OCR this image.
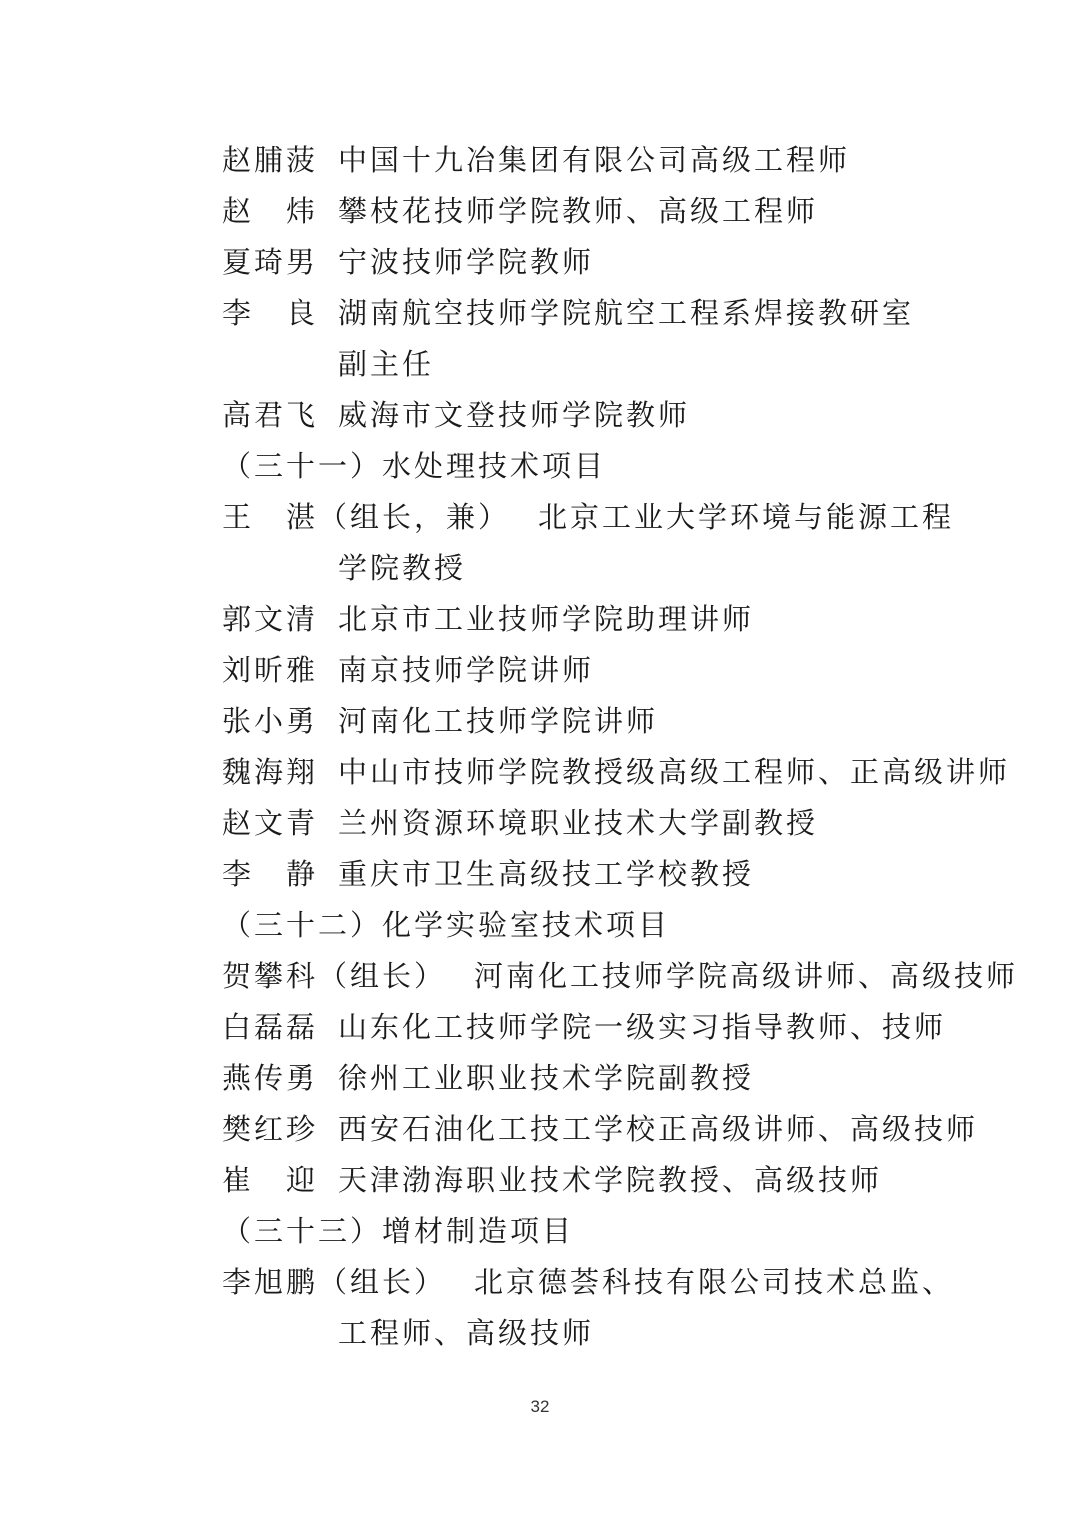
赵脯菠 中国十九冶集团有限公司高级工程师
赵　炜 攀枝花技师学院教师、高级工程师
夏琦男 宁波技师学院教师
李　良 湖南航空技师学院航空工程系焊接教研室
副主任
高君飞 威海市文登技师学院教师
（三十一）水处理技术项目
王　湛（组长，兼） 北京工业大学环境与能源工程
学院教授
郭文清 北京市工业技师学院助理讲师
刘昕雅 南京技师学院讲师
张小勇 河南化工技师学院讲师
魏海翔 中山市技师学院教授级高级工程师、正高级讲师
赵文青 兰州资源环境职业技术大学副教授
李　静 重庆市卫生高级技工学校教授
（三十二）化学实验室技术项目
贺攀科（组长） 河南化工技师学院高级讲师、高级技师
白磊磊 山东化工技师学院一级实习指导教师、技师
燕传勇 徐州工业职业技术学院副教授
樊红珍 西安石油化工技工学校正高级讲师、高级技师
崔　迎 天津渤海职业技术学院教授、高级技师
（三十三）增材制造项目
李旭鹏（组长） 北京德荟科技有限公司技术总监、
工程师、高级技师
32
